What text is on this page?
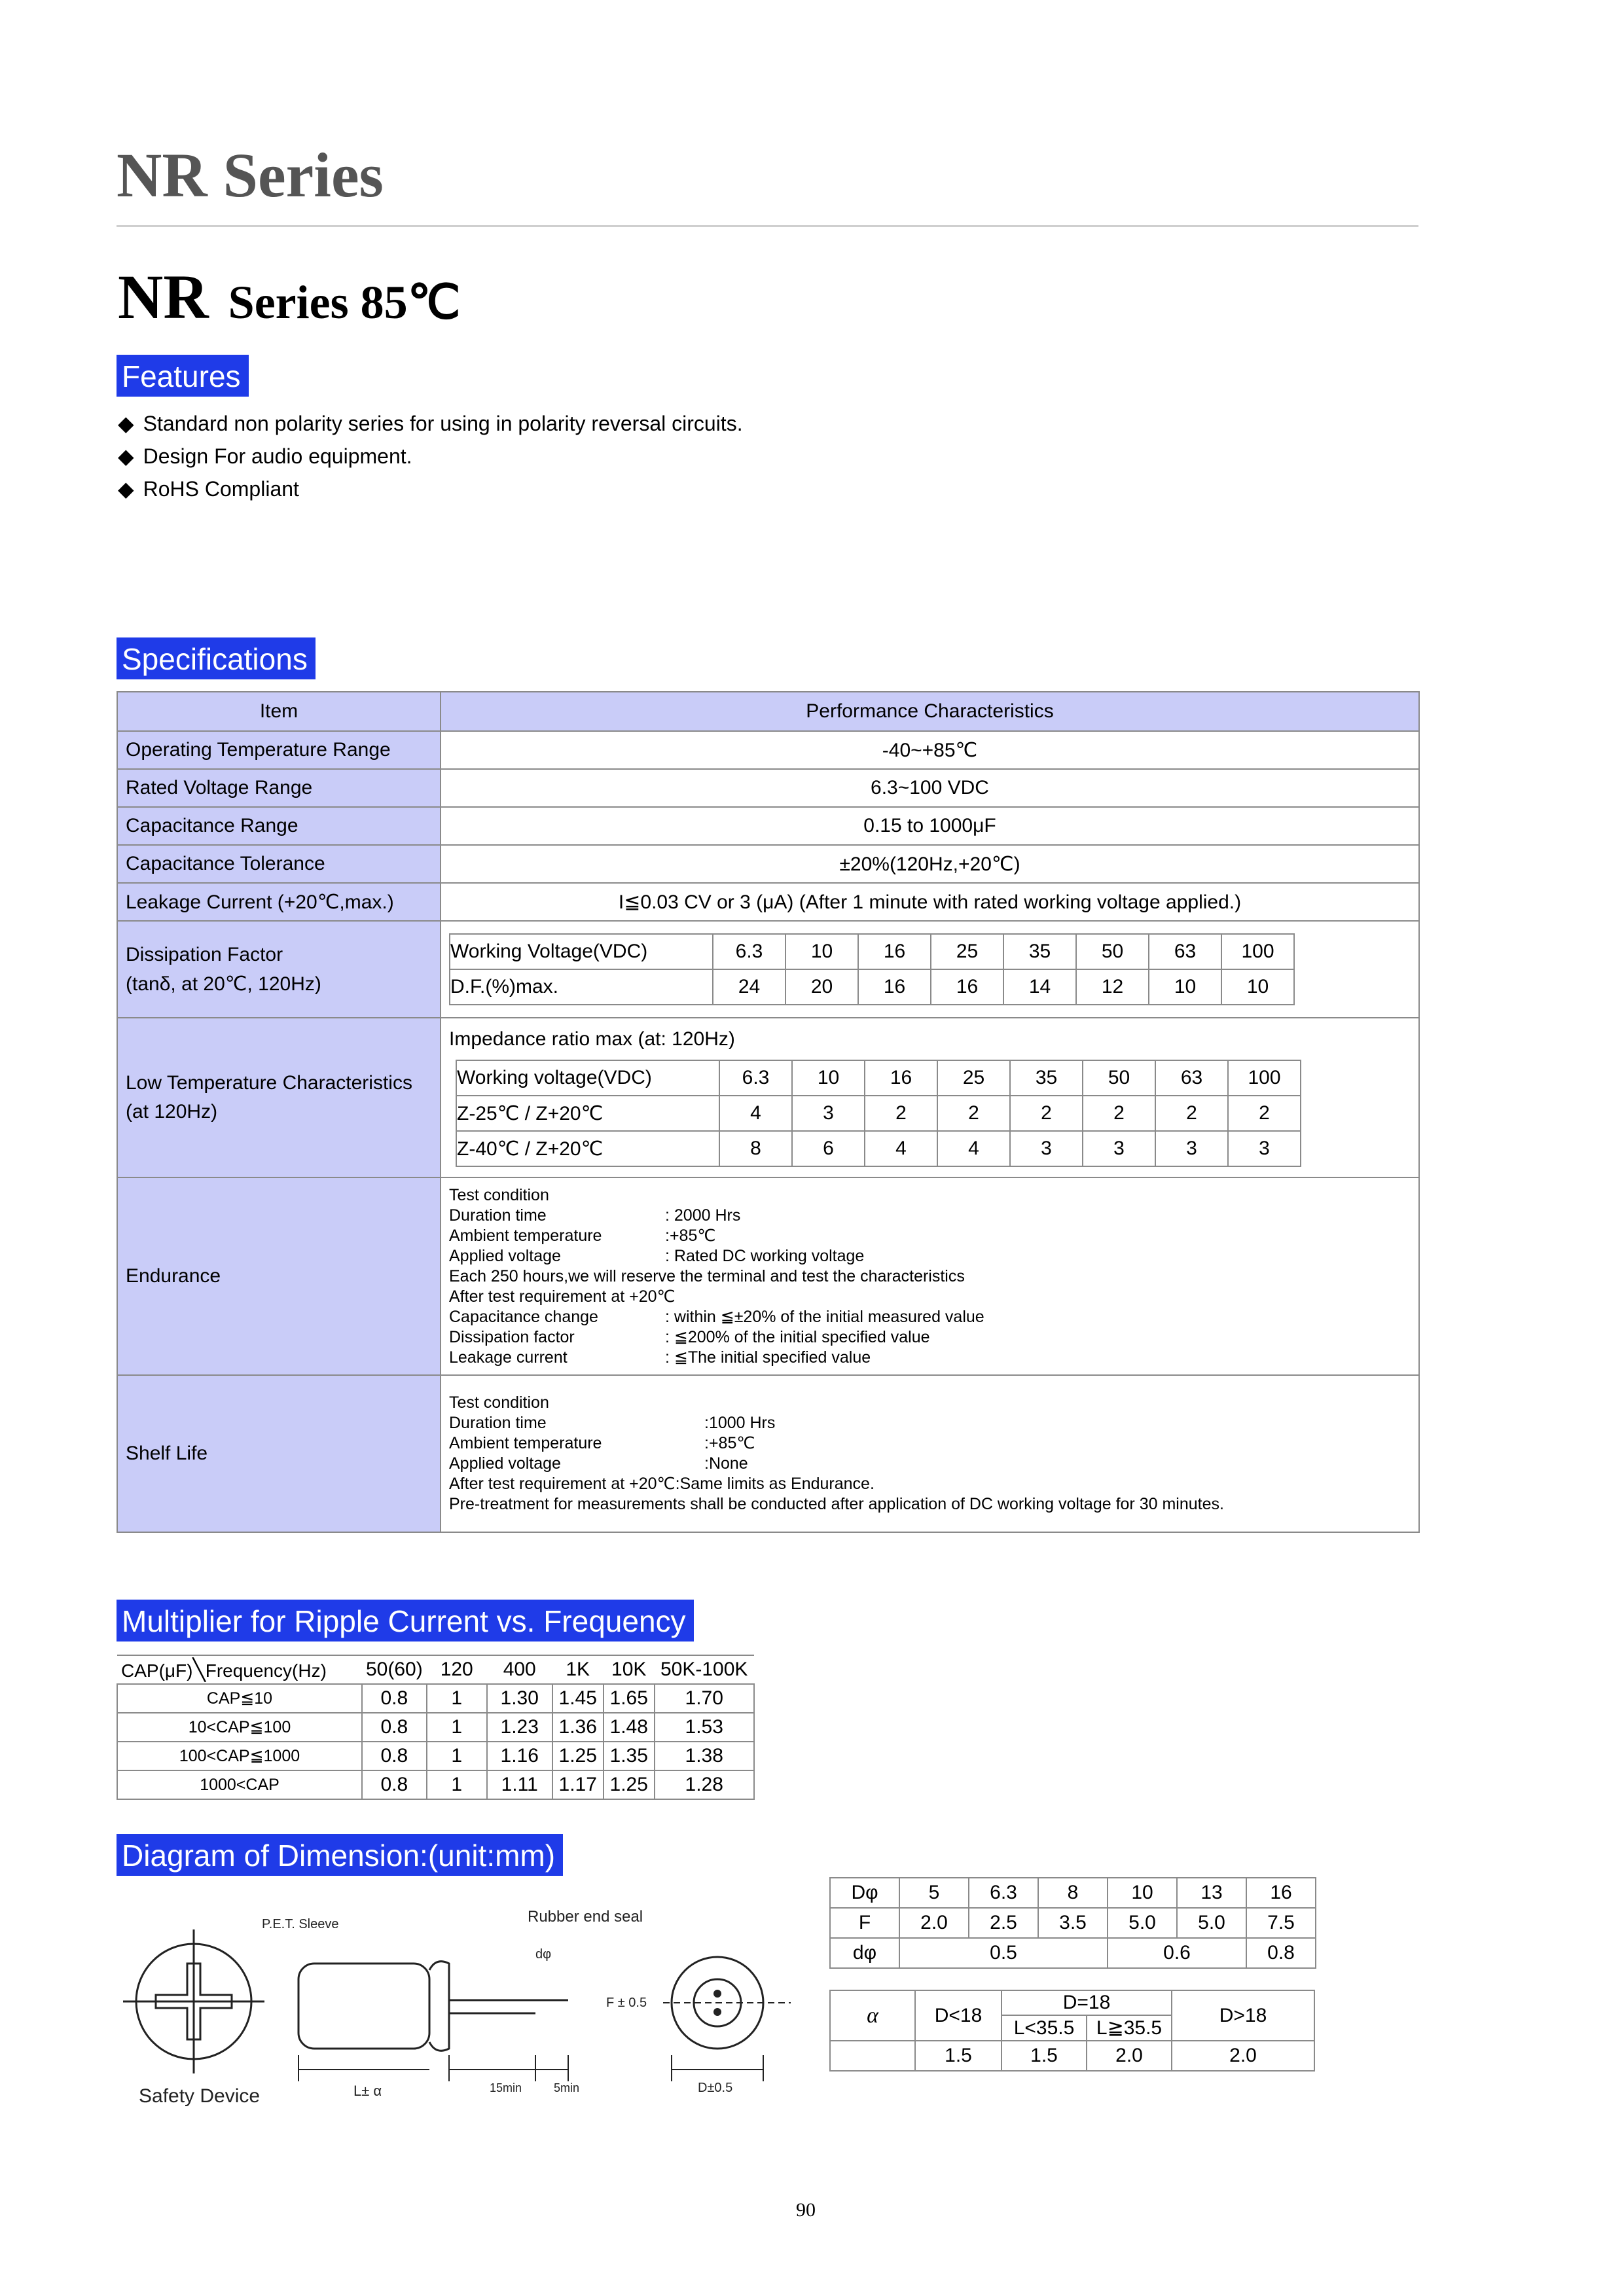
NR Series
NR Series 85℃
Features
◆ Standard non polarity series for using in polarity reversal circuits.
◆ Design For audio equipment.
◆ RoHS Compliant
Specifications
Item	Performance Characteristics
Operating Temperature Range	-40~+85℃
Rated Voltage Range	6.3~100 VDC
Capacitance Range	0.15 to 1000μF
Capacitance Tolerance	±20%(120Hz,+20℃)
Leakage Current (+20℃,max.)	I≦0.03 CV or 3 (μA) (After 1 minute with rated working voltage applied.)

Dissipation Factor
(tanδ, at 20℃, 120Hz)

Working Voltage(VDC)	6.3	10	16	25	35	50	63	100
D.F.(%)max.	24	20	16	16	14	12	10	10

Low Temperature Characteristics
(at 120Hz)

Impedance ratio max (at: 120Hz)
Working voltage(VDC)	6.3	10	16	25	35	50	63	100
Z-25℃ / Z+20℃	4	3	2	2	2	2	2	2
Z-40℃ / Z+20℃	8	6	4	4	3	3	3	3

Endurance	
Test condition
Duration time	: 2000 Hrs
Ambient temperature	:+85℃
Applied voltage	: Rated DC working voltage
Each 250 hours,we will reserve the terminal and test the characteristics
After test requirement at +20℃
Capacitance change	: within ≦±20% of the initial measured value
Dissipation factor	: ≦200% of the initial specified value
Leakage current	: ≦The initial specified value

Shelf Life	
Test condition
Duration time	:1000 Hrs
Ambient temperature	:+85℃
Applied voltage	:None
After test requirement at +20℃:Same limits as Endurance.
Pre-treatment for measurements shall be conducted after application of DC working voltage for 30 minutes.
Multiplier for Ripple Current vs. Frequency
CAP(μF)╲Frequency(Hz)	50(60)	120	400	1K	10K	50K-100K
CAP≦10	0.8	1	1.30	1.45	1.65	1.70
10<CAP≦100	0.8	1	1.23	1.36	1.48	1.53
100<CAP≦1000	0.8	1	1.16	1.25	1.35	1.38
1000<CAP	0.8	1	1.11	1.17	1.25	1.28
Diagram of Dimension:(unit:mm)
Safety Device
P.E.T. Sleeve	Rubber end seal
dφ
L± α	15min	5min
F ± 0.5
D±0.5
Dφ	5	6.3	8	10	13	16
F	2.0	2.5	3.5	5.0	5.0	7.5
dφ	0.5			0.6		0.8
α	D<18	D=18		D>18
		L<35.5	L≧35.5	
	1.5	1.5	2.0	2.0
90
